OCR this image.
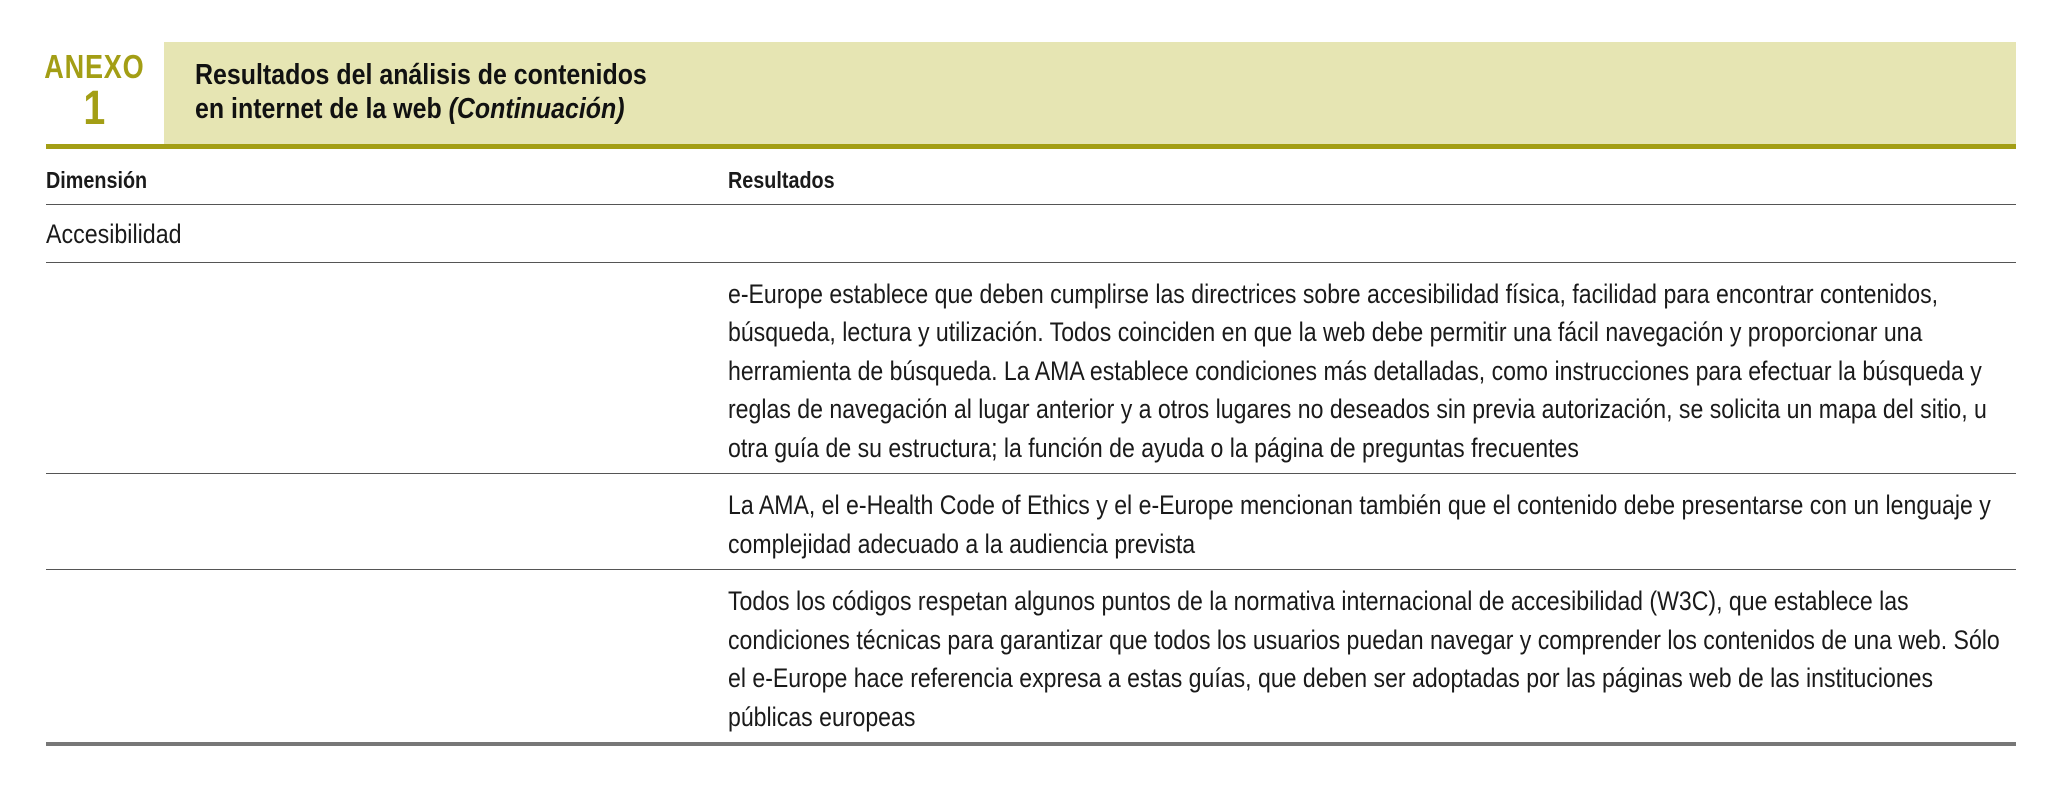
ANEXO
1
Resultados del análisis de contenidos
en internet de la web (Continuación)
Dimensión	Resultados
Accesibilidad	

	e-Europe establece que deben cumplirse las directrices sobre accesibilidad física, facilidad para encontrar contenidos, búsqueda, lectura y utilización. Todos coinciden en que la web debe permitir una fácil navegación y proporcionar una herramienta de búsqueda. La AMA establece condiciones más detalladas, como instrucciones para efectuar la búsqueda y reglas de navegación al lugar anterior y a otros lugares no deseados sin previa autorización, se solicita un mapa del sitio, u otra guía de su estructura; la función de ayuda o la página de preguntas frecuentes

	La AMA, el e-Health Code of Ethics y el e-Europe mencionan también que el contenido debe presentarse con un lenguaje y complejidad adecuado a la audiencia prevista

	Todos los códigos respetan algunos puntos de la normativa internacional de accesibilidad (W3C), que establece las condiciones técnicas para garantizar que todos los usuarios puedan navegar y comprender los contenidos de una web. Sólo el e-Europe hace referencia expresa a estas guías, que deben ser adoptadas por las páginas web de las instituciones públicas europeas
